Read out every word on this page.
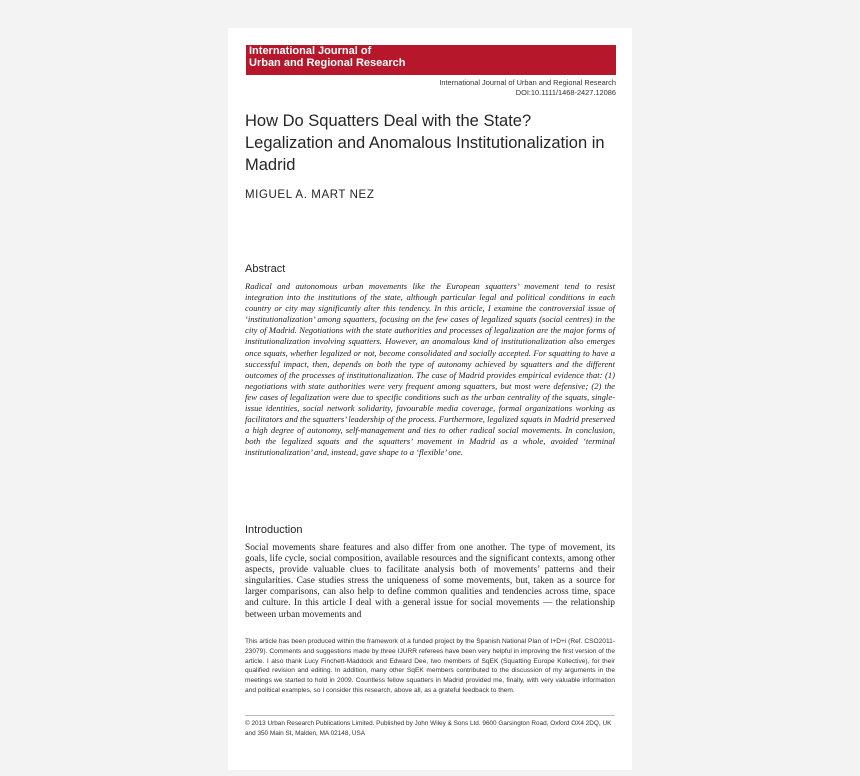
International Journal of
Urban and Regional Research
International Journal of Urban and Regional Research
DOI:10.1111/1468-2427.12086
How Do Squatters Deal with the State? Legalization and Anomalous Institutionalization in Madrid
MIGUEL A. MART NEZ
Abstract
Radical and autonomous urban movements like the European squatters’ movement tend to resist integration into the institutions of the state, although particular legal and political conditions in each country or city may significantly alter this tendency. In this article, I examine the controversial issue of ‘institutionalization’ among squatters, focusing on the few cases of legalized squats (social centres) in the city of Madrid. Negotiations with the state authorities and processes of legalization are the major forms of institutionalization involving squatters. However, an anomalous kind of institutionalization also emerges once squats, whether legalized or not, become consolidated and socially accepted. For squatting to have a successful impact, then, depends on both the type of autonomy achieved by squatters and the different outcomes of the processes of institutionalization. The case of Madrid provides empirical evidence that: (1) negotiations with state authorities were very frequent among squatters, but most were defensive; (2) the few cases of legalization were due to specific conditions such as the urban centrality of the squats, single-issue identities, social network solidarity, favourable media coverage, formal organizations working as facilitators and the squatters’ leadership of the process. Furthermore, legalized squats in Madrid preserved a high degree of autonomy, self-management and ties to other radical social movements. In conclusion, both the legalized squats and the squatters’ movement in Madrid as a whole, avoided ‘terminal institutionalization’ and, instead, gave shape to a ‘flexible’ one.
Introduction
Social movements share features and also differ from one another. The type of movement, its goals, life cycle, social composition, available resources and the significant contexts, among other aspects, provide valuable clues to facilitate analysis both of movements’ patterns and their singularities. Case studies stress the uniqueness of some movements, but, taken as a source for larger comparisons, can also help to define common qualities and tendencies across time, space and culture. In this article I deal with a general issue for social movements — the relationship between urban movements and
This article has been produced within the framework of a funded project by the Spanish National Plan of I+D+i (Ref. CSO2011-23079). Comments and suggestions made by three IJURR referees have been very helpful in improving the first version of the article. I also thank Lucy Finchett-Maddock and Edward Dee, two members of SqEK (Squatting Europe Kollective), for their qualified revision and editing. In addition, many other SqEK members contributed to the discussion of my arguments in the meetings we started to hold in 2009. Countless fellow squatters in Madrid provided me, finally, with very valuable information and political examples, so I consider this research, above all, as a grateful feedback to them.
© 2013 Urban Research Publications Limited. Published by John Wiley & Sons Ltd. 9600 Garsington Road, Oxford OX4 2DQ, UK and 350 Main St, Malden, MA 02148, USA
